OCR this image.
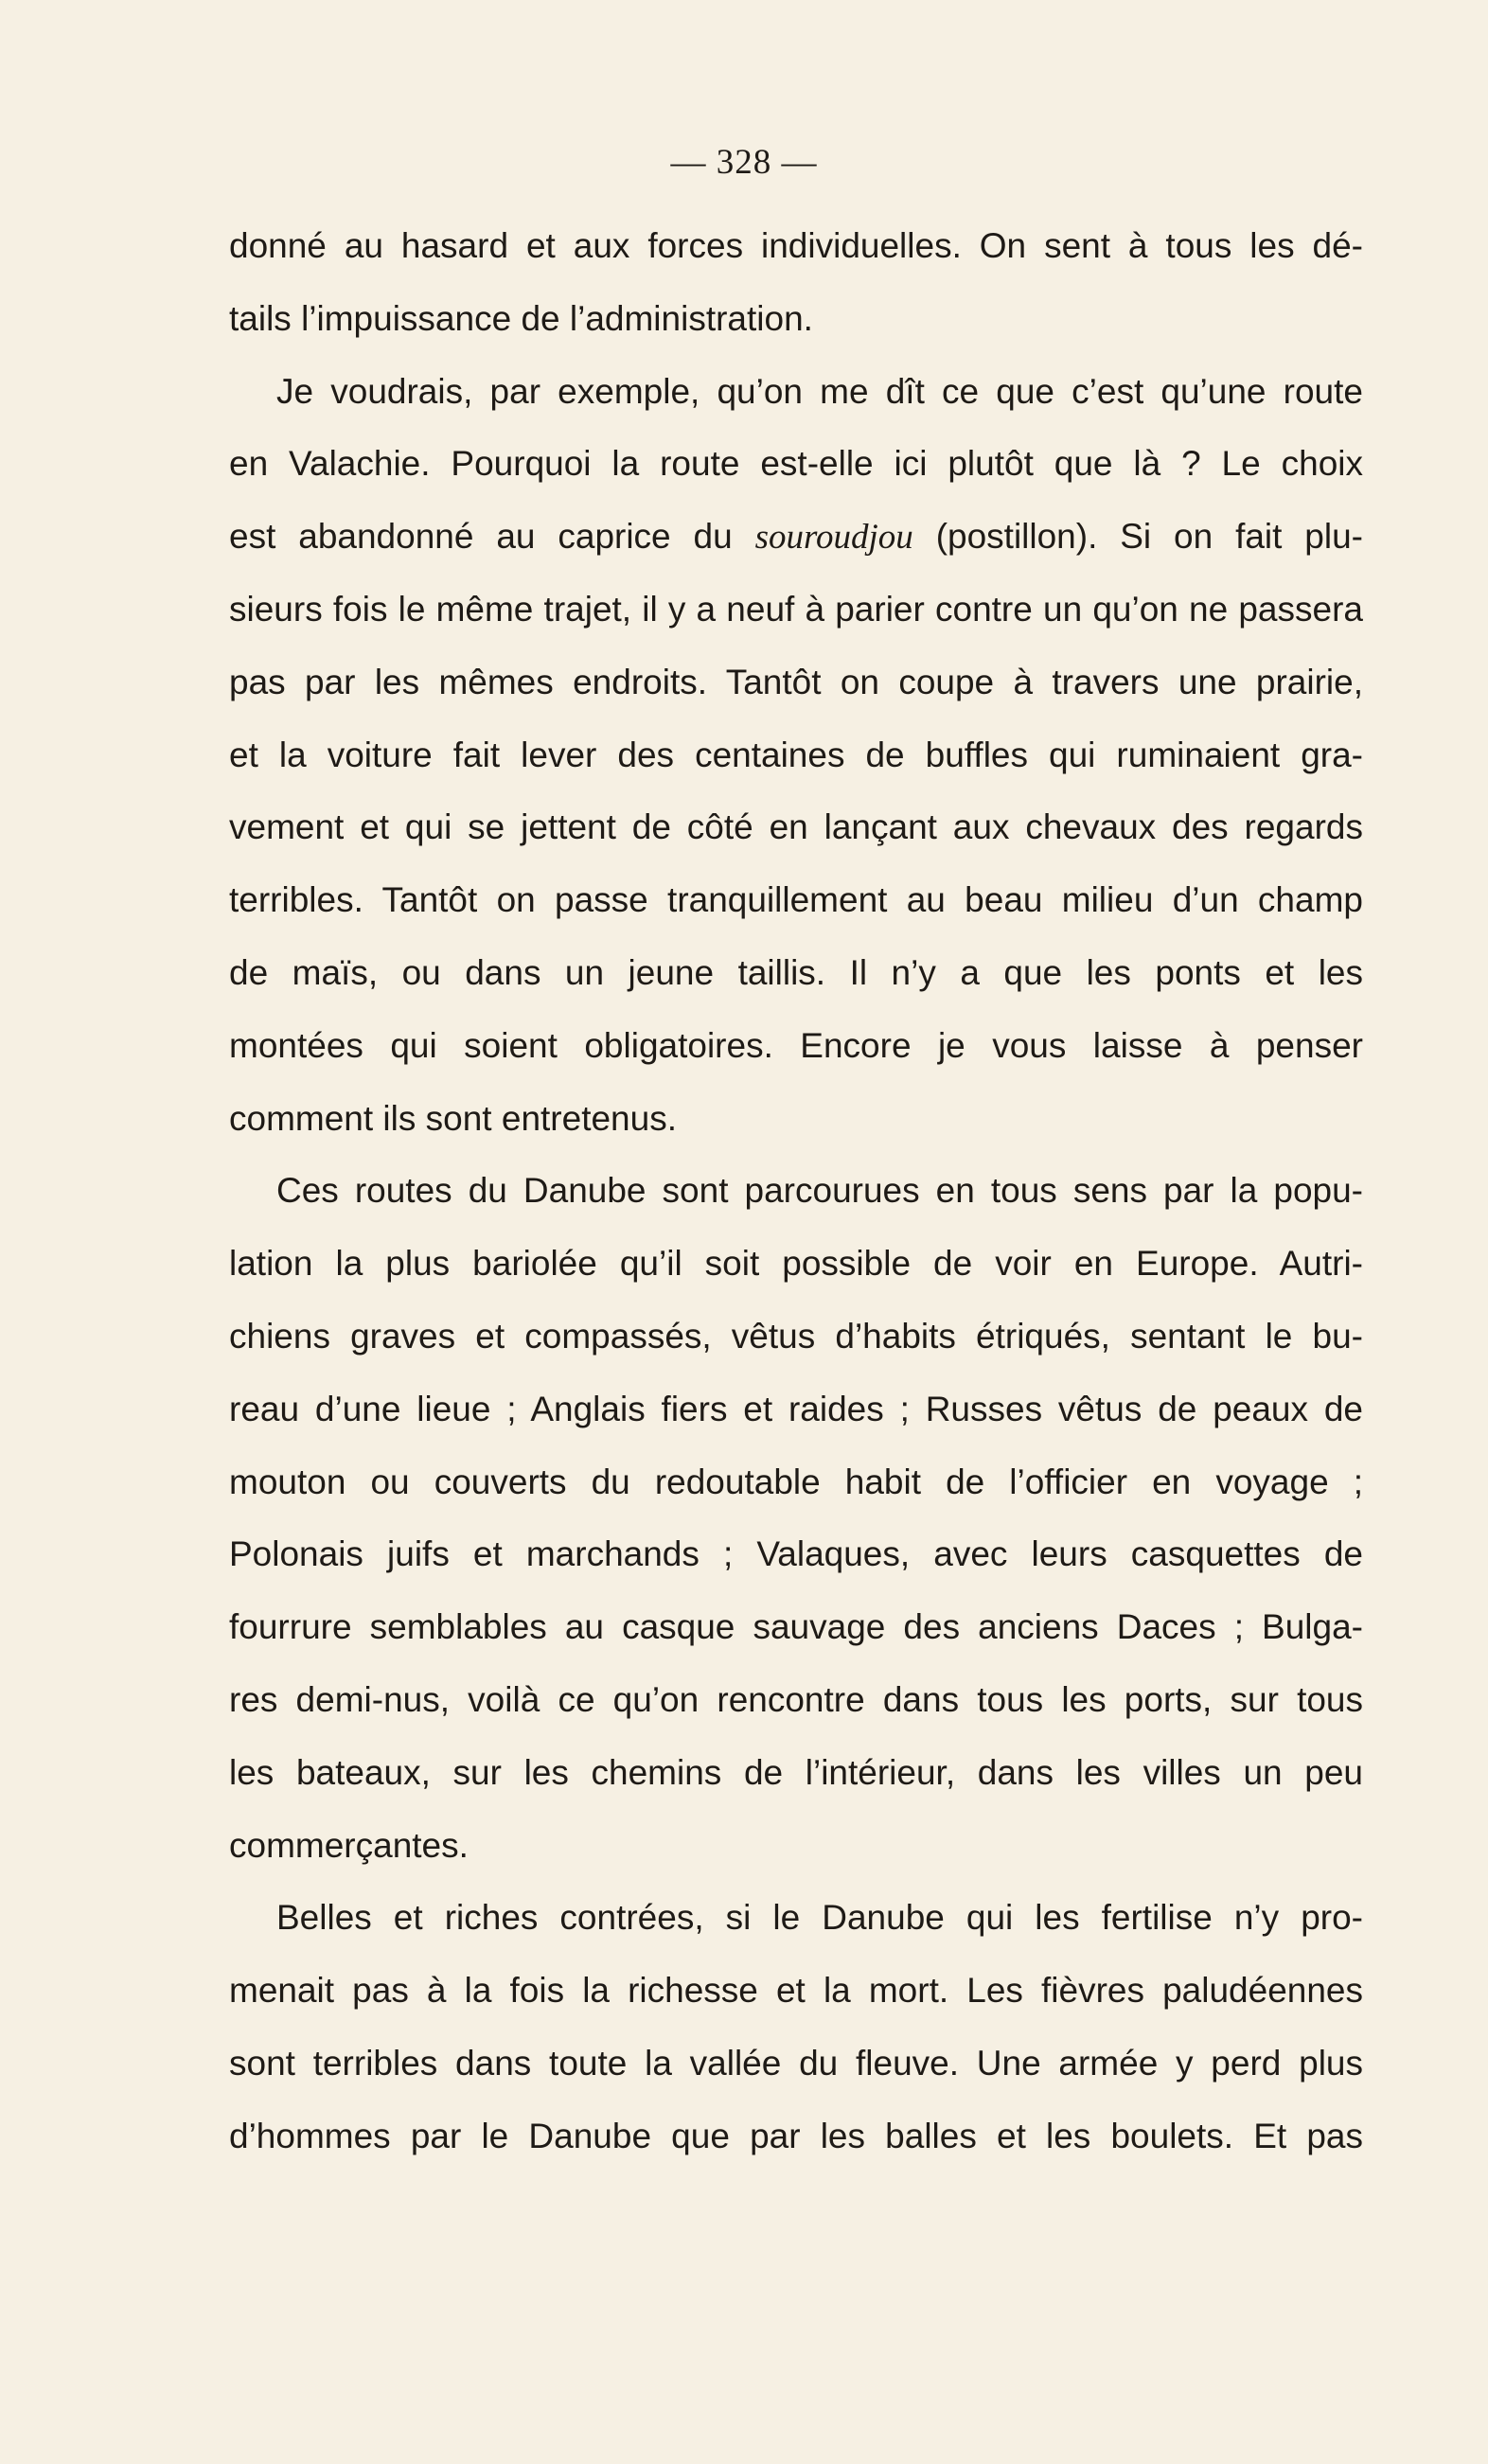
— 328 —
donné au hasard et aux forces individuelles. On sent à tous les dé-
tails l’impuissance de l’administration.
Je voudrais, par exemple, qu’on me dît ce que c’est qu’une route
en Valachie. Pourquoi la route est-elle ici plutôt que là ? Le choix
est abandonné au caprice du souroudjou (postillon). Si on fait plu-
sieurs fois le même trajet, il y a neuf à parier contre un qu’on ne passera
pas par les mêmes endroits. Tantôt on coupe à travers une prairie,
et la voiture fait lever des centaines de buffles qui ruminaient gra-
vement et qui se jettent de côté en lançant aux chevaux des regards
terribles. Tantôt on passe tranquillement au beau milieu d’un champ
de maïs, ou dans un jeune taillis. Il n’y a que les ponts et les
montées qui soient obligatoires. Encore je vous laisse à penser
comment ils sont entretenus.
Ces routes du Danube sont parcourues en tous sens par la popu-
lation la plus bariolée qu’il soit possible de voir en Europe. Autri-
chiens graves et compassés, vêtus d’habits étriqués, sentant le bu-
reau d’une lieue ; Anglais fiers et raides ; Russes vêtus de peaux de
mouton ou couverts du redoutable habit de l’officier en voyage ;
Polonais juifs et marchands ; Valaques, avec leurs casquettes de
fourrure semblables au casque sauvage des anciens Daces ; Bulga-
res demi-nus, voilà ce qu’on rencontre dans tous les ports, sur tous
les bateaux, sur les chemins de l’intérieur, dans les villes un peu
commerçantes.
Belles et riches contrées, si le Danube qui les fertilise n’y pro-
menait pas à la fois la richesse et la mort. Les fièvres paludéennes
sont terribles dans toute la vallée du fleuve. Une armée y perd plus
d’hommes par le Danube que par les balles et les boulets. Et pas
